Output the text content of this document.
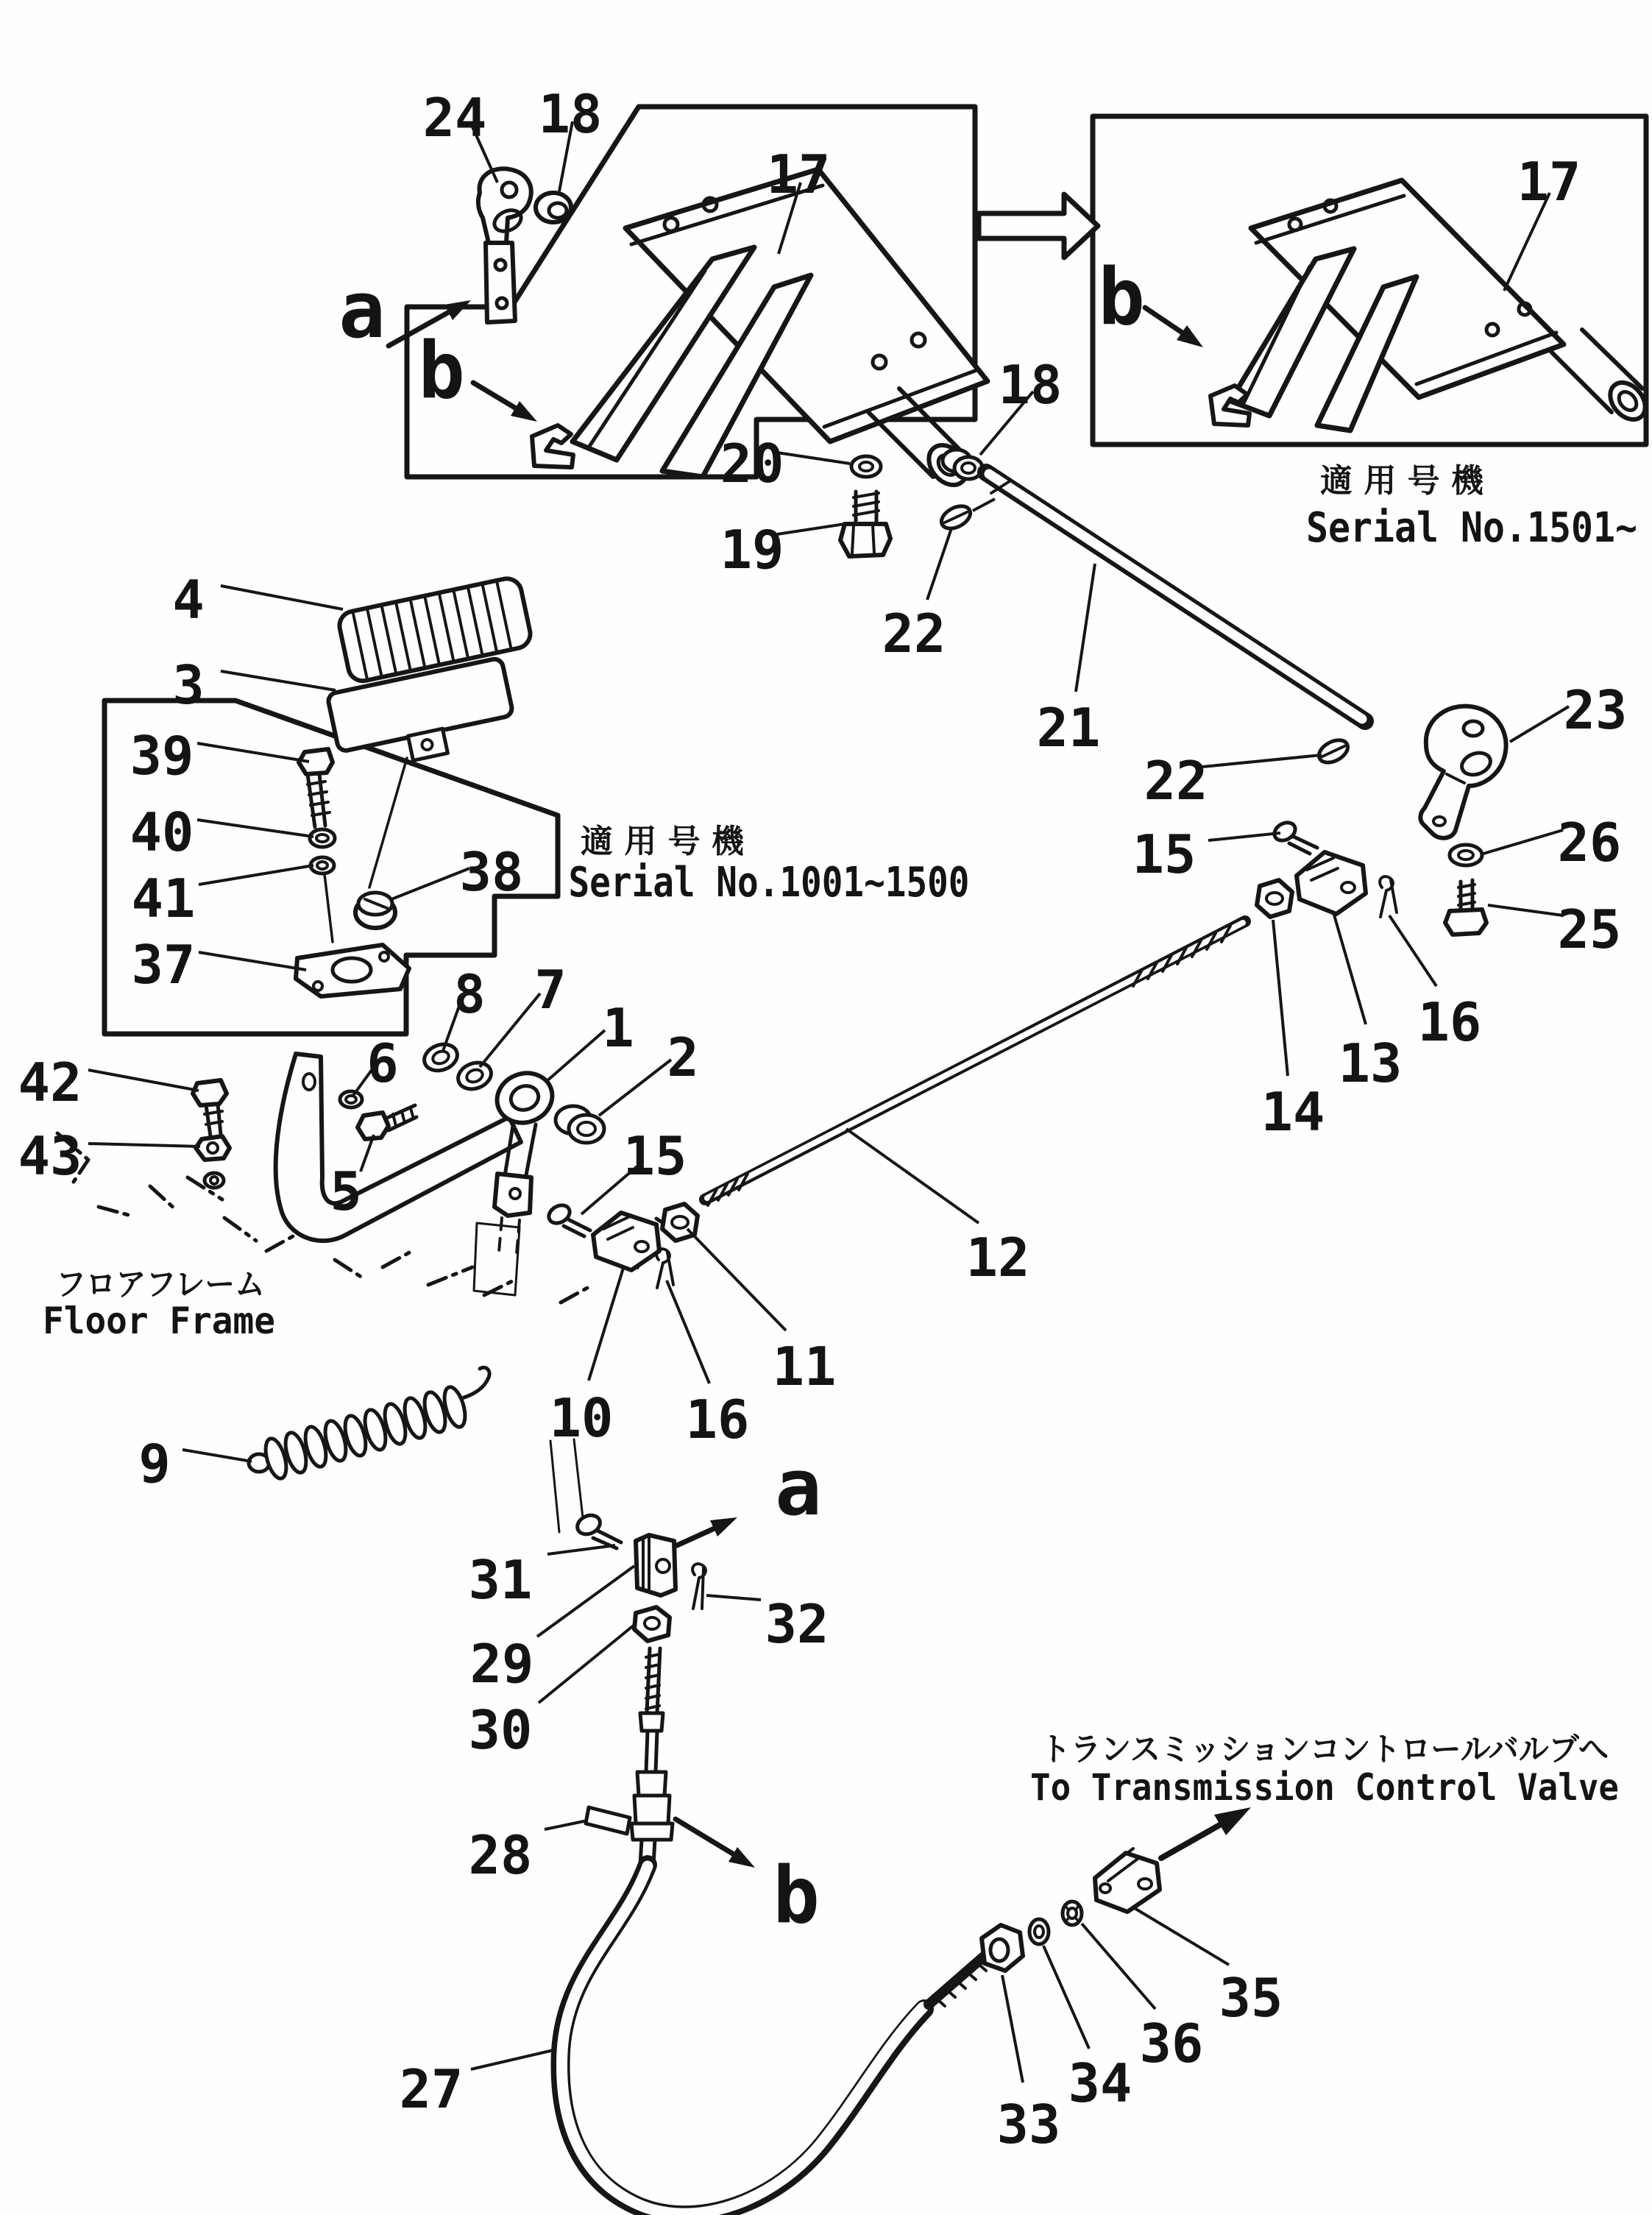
24 18
17	17
20
19
22
18
21
22
23
26
25
15
13
14
16
12
11
10 16
15
1 2
6
5
8 7
4
3
39
40
41
37
38
42
43
9
31
29
30
32
28
27
33
34
36
35
a
b
b
a
b
適 用 号 機
Serial No.1501~
適 用 号 機
Serial No.1001~1500
フロアフレーム
Floor Frame
トランスミッションコントロールバルブへ
To Transmission Control Valve
